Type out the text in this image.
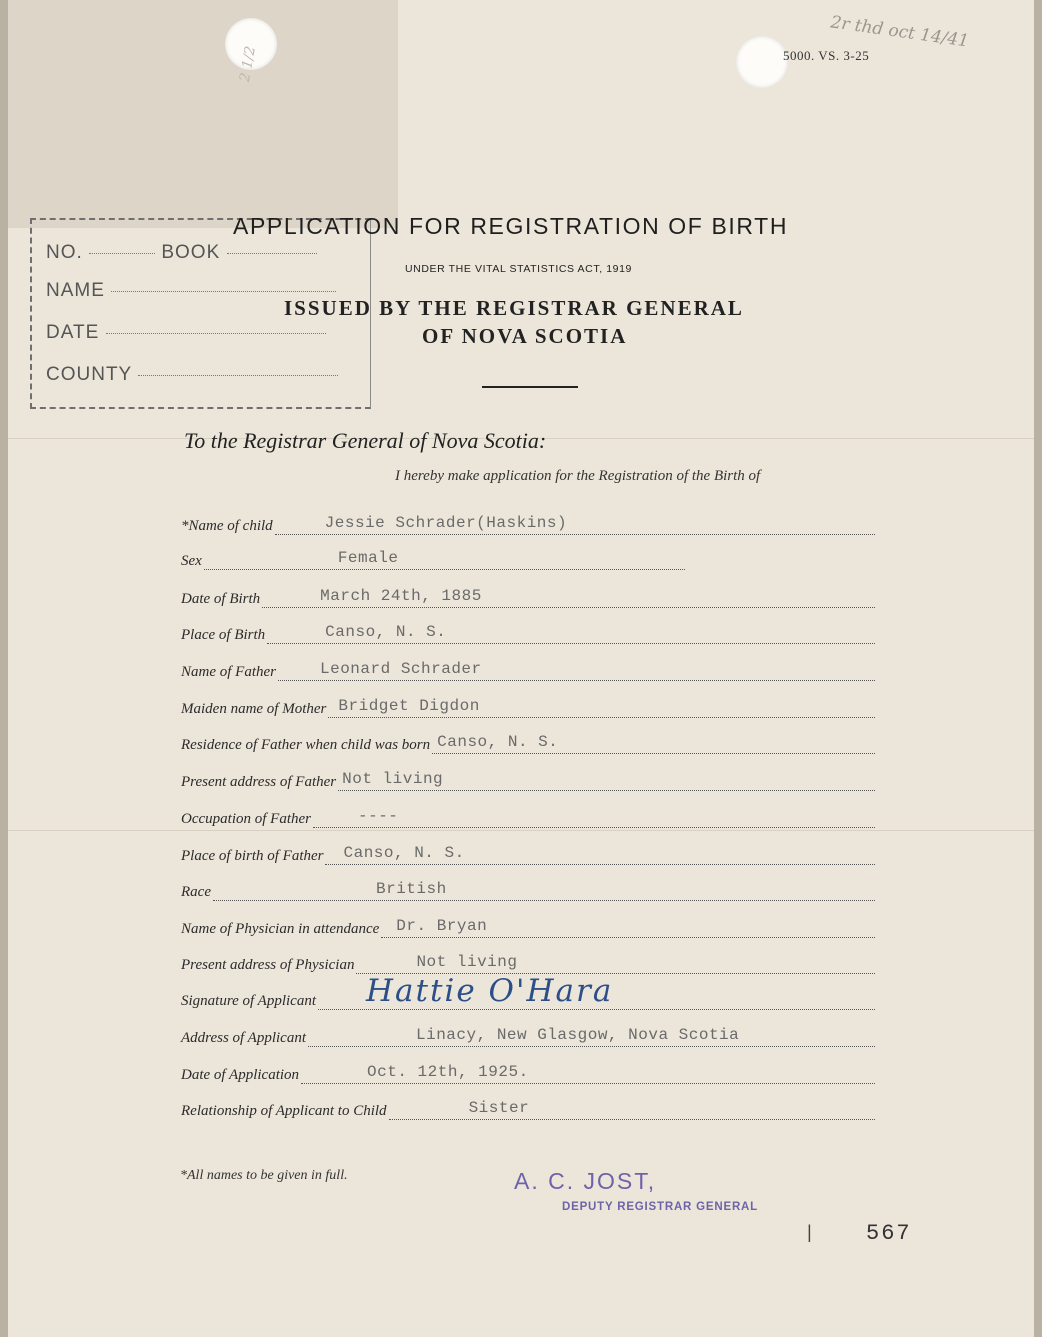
5000. VS. 3-25
2r thd oct 14/41
2 1/2
NO.	BOOK
NAME
DATE
COUNTY
APPLICATION FOR REGISTRATION OF BIRTH
UNDER THE VITAL STATISTICS ACT, 1919
ISSUED BY THE REGISTRAR GENERAL
OF NOVA SCOTIA
To the Registrar General of Nova Scotia:
I hereby make application for the Registration of the Birth of
*Name of child	Jessie Schrader(Haskins)
Sex	Female
Date of Birth	March 24th, 1885
Place of Birth	Canso, N. S.
Name of Father	Leonard Schrader
Maiden name of Mother Bridget Digdon
Residence of Father when child was born Canso, N. S.
Present address of Father Not living
Occupation of Father	----
Place of birth of Father Canso, N. S.
Race	British
Name of Physician in attendance Dr. Bryan
Present address of Physician	Not living
Signature of Applicant Hattie O'Hara
Address of Applicant	Linacy, New Glasgow, Nova Scotia
Date of Application	Oct. 12th, 1925.
Relationship of Applicant to Child	Sister
*All names to be given in full.	A. C. JOST,
DEPUTY REGISTRAR GENERAL
| 567
